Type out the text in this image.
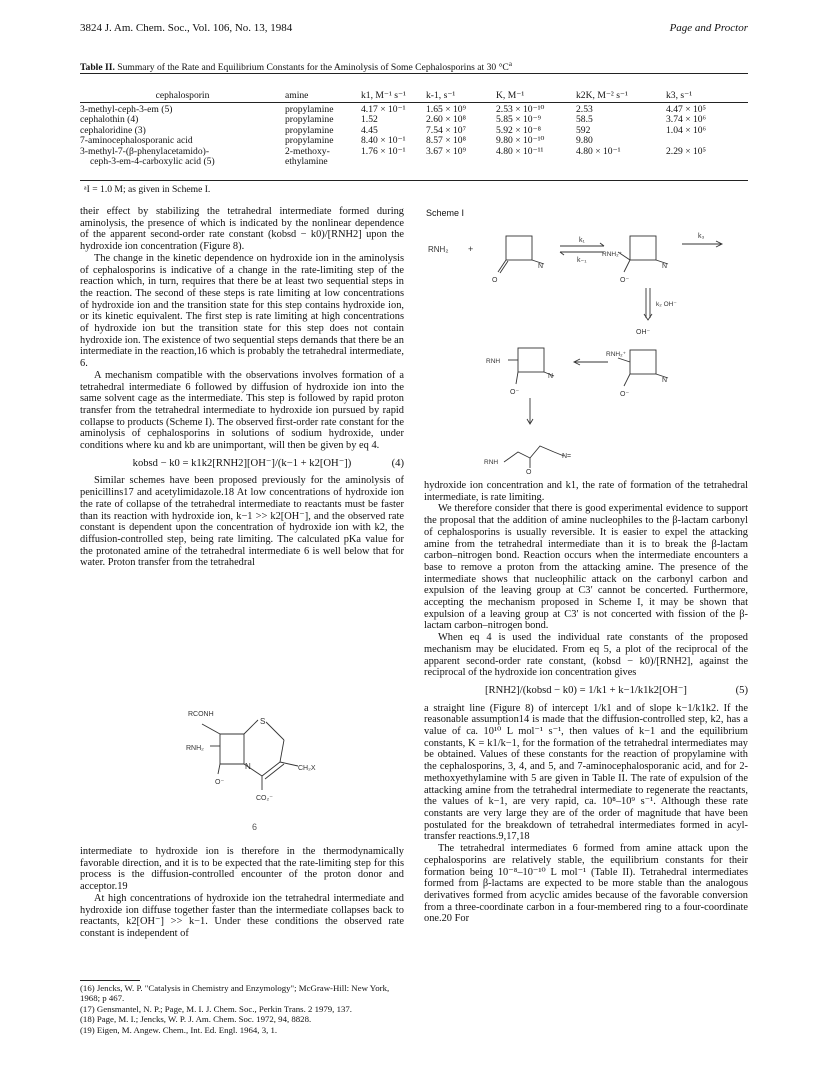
3824 J. Am. Chem. Soc., Vol. 106, No. 13, 1984	Page and Proctor
Table II. Summary of the Rate and Equilibrium Constants for the Aminolysis of Some Cephalosporins at 30 $^\circ C^a$
cephalosporin	amine	k1, M⁻¹ s⁻¹	k-1, s⁻¹	K, M⁻¹	k2K, M⁻² s⁻¹	k3, s⁻¹

3-methyl-ceph-3-em (5)	propylamine	4.17 × 10⁻¹	1.65 × 10⁹	2.53 × 10⁻¹⁰	2.53	4.47 × 10⁵
cephalothin (4)	propylamine	1.52	2.60 × 10⁸	5.85 × 10⁻⁹	58.5	3.74 × 10⁶
cephaloridine (3)	propylamine	4.45	7.54 × 10⁷	5.92 × 10⁻⁸	592	1.04 × 10⁶
7-aminocephalosporanic acid	propylamine	8.40 × 10⁻¹	8.57 × 10⁸	9.80 × 10⁻¹⁰	9.80	
3-methyl-7-(β-phenylacetamido)-	2-methoxy-	1.76 × 10⁻¹	3.67 × 10⁹	4.80 × 10⁻¹¹	4.80 × 10⁻¹	2.29 × 10⁵
ceph-3-em-4-carboxylic acid (5)	ethylamine					
ᵃI = 1.0 M; as given in Scheme I.

their effect by stabilizing the tetrahedral intermediate formed during aminolysis, the presence of which is indicated by the nonlinear dependence of the apparent second-order rate constant (kobsd − k0)/[RNH2] upon the hydroxide ion concentration (Figure 8).

The change in the kinetic dependence on hydroxide ion in the aminolysis of cephalosporins is indicative of a change in the rate-limiting step of the reaction which, in turn, requires that there be at least two sequential steps in the reaction. The second of these steps is rate limiting at low concentrations of hydroxide ion and the transition state for this step contains hydroxide ion, or its kinetic equivalent. The first step is rate limiting at high concentrations of hydroxide ion but the transition state for this step does not contain hydroxide ion. The existence of two sequential steps demands that there be an intermediate in the reaction,16 which is probably the tetrahedral intermediate, 6.

A mechanism compatible with the observations involves formation of a tetrahedral intermediate 6 followed by diffusion of hydroxide ion into the same solvent cage as the intermediate. This step is followed by rapid proton transfer from the tetrahedral intermediate to hydroxide ion pursued by rapid collapse to products (Scheme I). The observed first-order rate constant for the aminolysis of cephalosporins in solutions of sodium hydroxide, under conditions where ku and kb are unimportant, will then be given by eq 4.

kobsd − k0 = k1k2[RNH2][OH⁻]/(k−1 + k2[OH⁻])	(4)

Similar schemes have been proposed previously for the aminolysis of penicillins17 and acetylimidazole.18 At low concentrations of hydroxide ion the rate of collapse of the tetrahedral intermediate to reactants must be faster than its reaction with hydroxide ion, k−1 >> k2[OH⁻], and the observed rate constant is dependent upon the concentration of hydroxide ion with k2, the diffusion-controlled step, being rate limiting. The calculated pKa value for the protonated amine of the tetrahedral intermediate 6 is well below that for water. Proton transfer from the tetrahedral

RCONH
RNH₂
S
N	CH₂X
O⁻
CO₂⁻
6

intermediate to hydroxide ion is therefore in the thermodynamically favorable direction, and it is to be expected that the rate-limiting step for this process is the diffusion-controlled encounter of the proton donor and acceptor.19

At high concentrations of hydroxide ion the tetrahedral intermediate and hydroxide ion diffuse together faster than the intermediate collapses back to reactants, k2[OH⁻] >> k−1. Under these conditions the observed rate constant is independent of

(16) Jencks, W. P. "Catalysis in Chemistry and Enzymology"; McGraw-Hill: New York, 1968; p 467.

(17) Gensmantel, N. P.; Page, M. I. J. Chem. Soc., Perkin Trans. 2 1979, 137.

(18) Page, M. I.; Jencks, W. P. J. Am. Chem. Soc. 1972, 94, 8828.

(19) Eigen, M. Angew. Chem., Int. Ed. Engl. 1964, 3, 1.

Scheme I
RNH₂ +
N
O
k₁
k₋₁
RNH₂⁺
N
O⁻
k₃
k₂ OH⁻
OH⁻
RNH₂⁺
N
O⁻
RNH
N
O⁻
RNH
O
N=

hydroxide ion concentration and k1, the rate of formation of the tetrahedral intermediate, is rate limiting.

We therefore consider that there is good experimental evidence to support the proposal that the addition of amine nucleophiles to the β-lactam carbonyl of cephalosporins is usually reversible. It is easier to expel the attacking amine from the tetrahedral intermediate than it is to break the β-lactam carbon–nitrogen bond. Reaction occurs when the intermediate encounters a base to remove a proton from the attacking amine. The presence of the intermediate shows that nucleophilic attack on the carbonyl carbon and expulsion of the leaving group at C3′ cannot be concerted. Furthermore, accepting the mechanism proposed in Scheme I, it may be shown that expulsion of a leaving group at C3′ is not concerted with fission of the β-lactam carbon–nitrogen bond.

When eq 4 is used the individual rate constants of the proposed mechanism may be elucidated. From eq 5, a plot of the reciprocal of the apparent second-order rate constant, (kobsd − k0)/[RNH2], against the reciprocal of the hydroxide ion concentration gives

[RNH2]/(kobsd − k0) = 1/k1 + k−1/k1k2[OH⁻]	(5)

a straight line (Figure 8) of intercept 1/k1 and of slope k−1/k1k2. If the reasonable assumption14 is made that the diffusion-controlled step, k2, has a value of ca. 10¹⁰ L mol⁻¹ s⁻¹, then values of k−1 and the equilibrium constants, K = k1/k−1, for the formation of the tetrahedral intermediates may be obtained. Values of these constants for the reaction of propylamine with the cephalosporins, 3, 4, and 5, and 7-aminocephalosporanic acid, and for 2-methoxyethylamine with 5 are given in Table II. The rate of expulsion of the attacking amine from the tetrahedral intermediate to regenerate the reactants, the values of k−1, are very rapid, ca. 10⁸–10⁹ s⁻¹. Although these rate constants are very large they are of the order of magnitude that have been postulated for the breakdown of tetrahedral intermediates formed in acyl-transfer reactions.9,17,18

The tetrahedral intermediates 6 formed from amine attack upon the cephalosporins are relatively stable, the equilibrium constants for their formation being 10⁻⁸–10⁻¹⁰ L mol⁻¹ (Table II). Tetrahedral intermediates formed from β-lactams are expected to be more stable than the analogous derivatives formed from acyclic amides because of the favorable conversion from a three-coordinate carbon in a four-membered ring to a four-coordinate one.20 For
